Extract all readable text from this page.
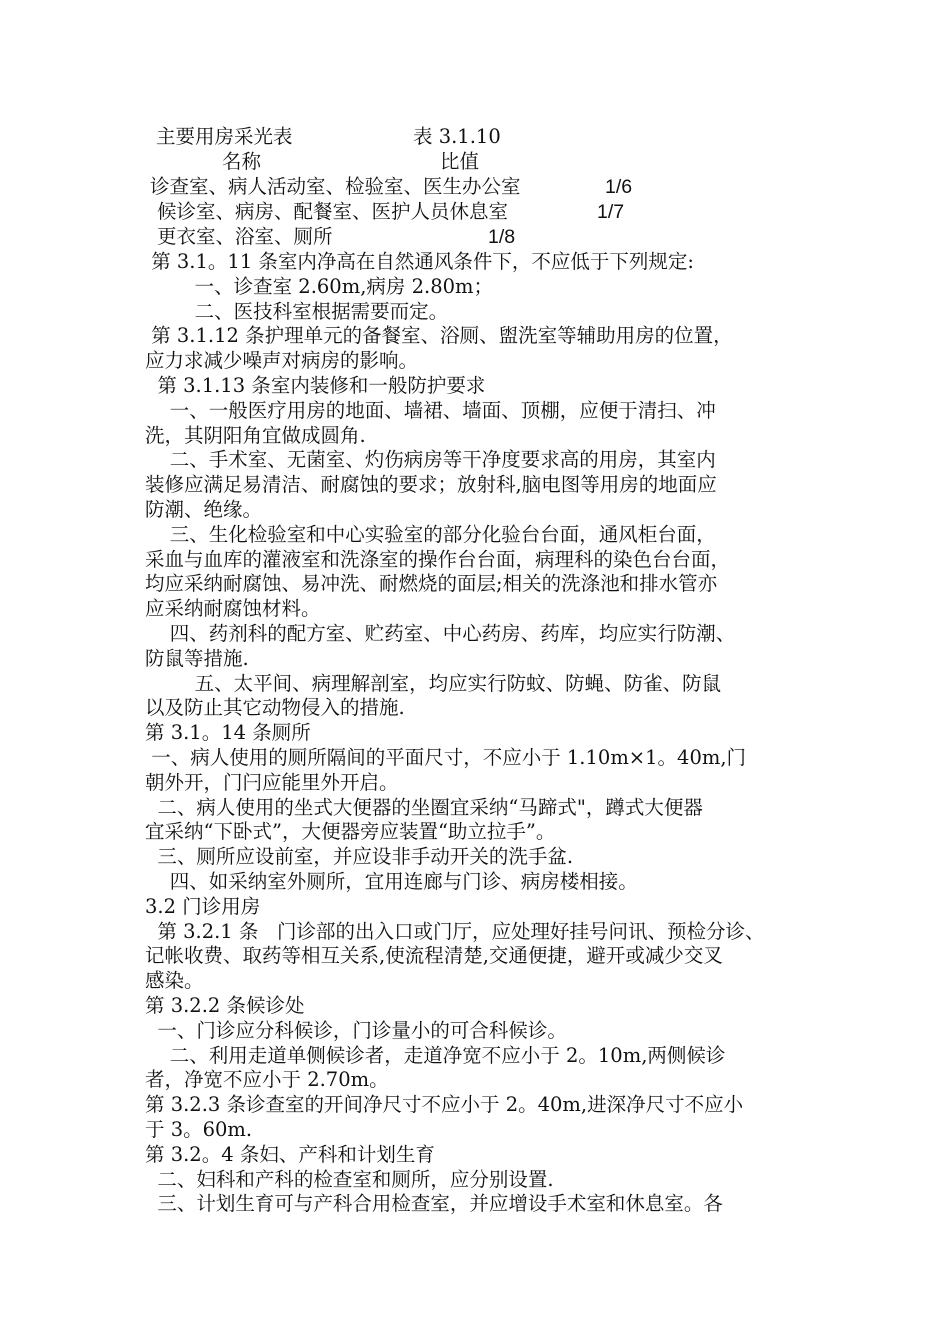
主要用房采光表	表 3.1.10
名称	比值
诊查室、病人活动室、检验室、医生办公室	1/6
候诊室、病房、配餐室、医护人员休息室	1/7
更衣室、浴室、厕所	1/8
第 3.1。11 条室内净高在自然通风条件下，不应低于下列规定:
一、诊查室 2.60m,病房 2.80m；
二、医技科室根据需要而定。
第 3.1.12 条护理单元的备餐室、浴厕、盥洗室等辅助用房的位置，
应力求减少噪声对病房的影响。
第 3.1.13 条室内装修和一般防护要求
一、一般医疗用房的地面、墙裙、墙面、顶棚，应便于清扫、冲
洗，其阴阳角宜做成圆角.
二、手术室、无菌室、灼伤病房等干净度要求高的用房，其室内
装修应满足易清洁、耐腐蚀的要求；放射科,脑电图等用房的地面应
防潮、绝缘。
三、生化检验室和中心实验室的部分化验台台面，通风柜台面，
采血与血库的灌液室和洗涤室的操作台台面，病理科的染色台台面，
均应采纳耐腐蚀、易冲洗、耐燃烧的面层;相关的洗涤池和排水管亦
应采纳耐腐蚀材料。
四、药剂科的配方室、贮药室、中心药房、药库，均应实行防潮、
防鼠等措施.
五、太平间、病理解剖室，均应实行防蚊、防蝇、防雀、防鼠
以及防止其它动物侵入的措施.
第 3.1。14 条厕所
一、病人使用的厕所隔间的平面尺寸，不应小于 1.10m×1。40m,门
朝外开，门闩应能里外开启。
二、病人使用的坐式大便器的坐圈宜采纳“马蹄式"，蹲式大便器
宜采纳“下卧式”，大便器旁应装置“助立拉手”。
三、厕所应设前室，并应设非手动开关的洗手盆.
四、如采纳室外厕所，宜用连廊与门诊、病房楼相接。
3.2 门诊用房
第 3.2.1 条   门诊部的出入口或门厅，应处理好挂号问讯、预检分诊、
记帐收费、取药等相互关系,使流程清楚,交通便捷，避开或减少交叉
感染。
第 3.2.2 条候诊处
一、门诊应分科候诊，门诊量小的可合科候诊。
二、利用走道单侧候诊者，走道净宽不应小于 2。10m,两侧候诊
者，净宽不应小于 2.70m。
第 3.2.3 条诊查室的开间净尺寸不应小于 2。40m,进深净尺寸不应小
于 3。60m.
第 3.2。4 条妇、产科和计划生育
二、妇科和产科的检查室和厕所，应分别设置.
三、计划生育可与产科合用检查室，并应增设手术室和休息室。各
